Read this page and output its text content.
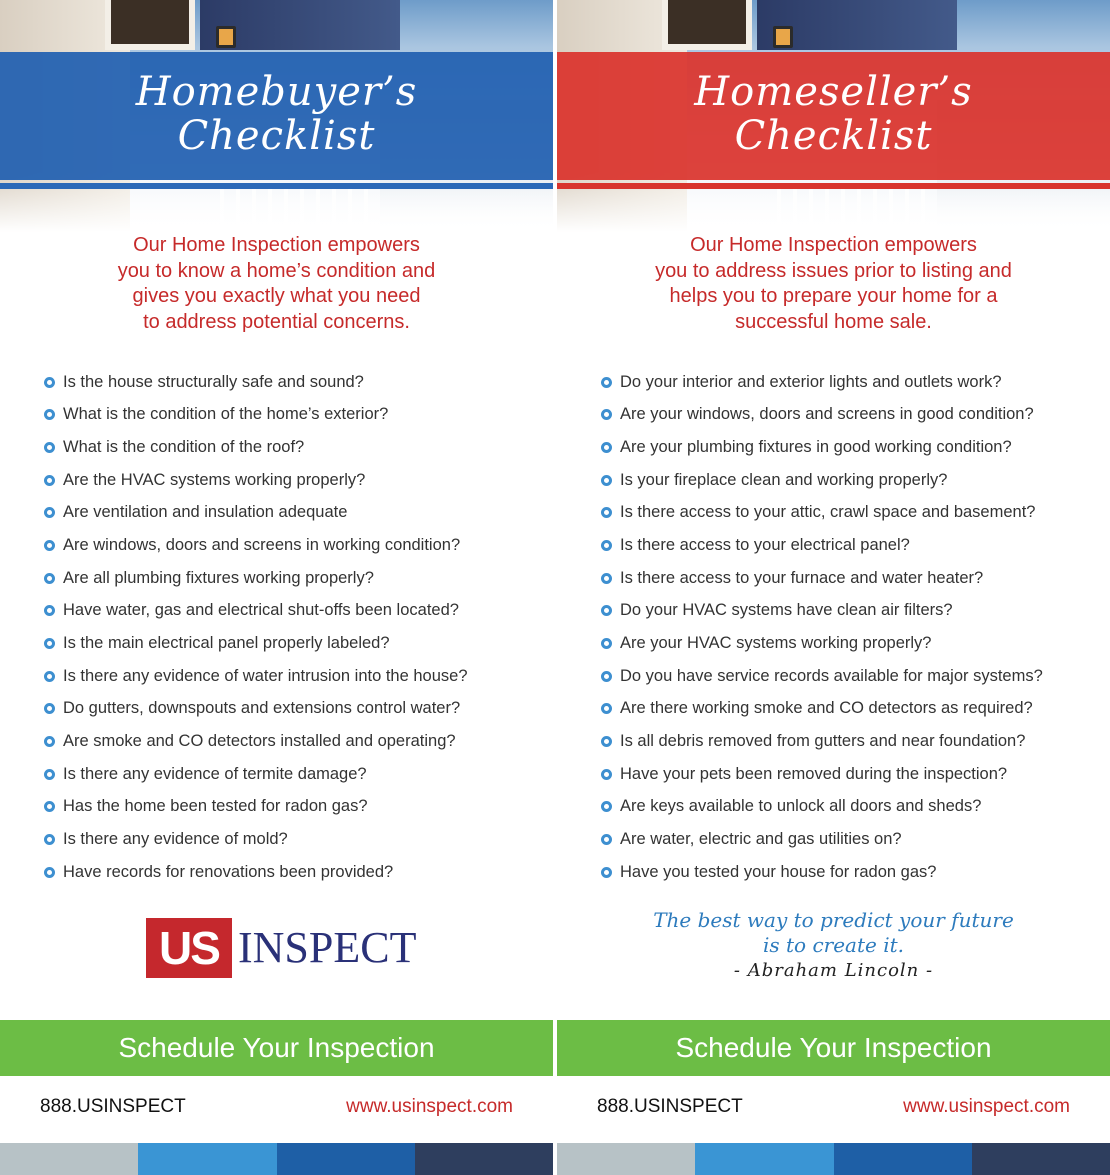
Homebuyer’s
Checklist
Our Home Inspection empowers
you to know a home’s condition and
gives you exactly what you need
to address potential concerns.
Is the house structurally safe and sound?
What is the condition of the home’s exterior?
What is the condition of the roof?
Are the HVAC systems working properly?
Are ventilation and insulation adequate
Are windows, doors and screens in working condition?
Are all plumbing fixtures working properly?
Have water, gas and electrical shut-offs been located?
Is the main electrical panel properly labeled?
Is there any evidence of water intrusion into the house?
Do gutters, downspouts and extensions control water?
Are smoke and CO detectors installed and operating?
Is there any evidence of termite damage?
Has the home been tested for radon gas?
Is there any evidence of mold?
Have records for renovations been provided?
US INSPECT
Schedule Your Inspection
888.USINSPECT	www.usinspect.com
Homeseller’s
Checklist
Our Home Inspection empowers
you to address issues prior to listing and
helps you to prepare your home for a
successful home sale.
Do your interior and exterior lights and outlets work?
Are your windows, doors and screens in good condition?
Are your plumbing fixtures in good working condition?
Is your fireplace clean and working properly?
Is there access to your attic, crawl space and basement?
Is there access to your electrical panel?
Is there access to your furnace and water heater?
Do your HVAC systems have clean air filters?
Are your HVAC systems working properly?
Do you have service records available for major systems?
Are there working smoke and CO detectors as required?
Is all debris removed from gutters and near foundation?
Have your pets been removed during the inspection?
Are keys available to unlock all doors and sheds?
Are water, electric and gas utilities on?
Have you tested your house for radon gas?
The best way to predict your future
is to create it.
- Abraham Lincoln -
Schedule Your Inspection
888.USINSPECT	www.usinspect.com
